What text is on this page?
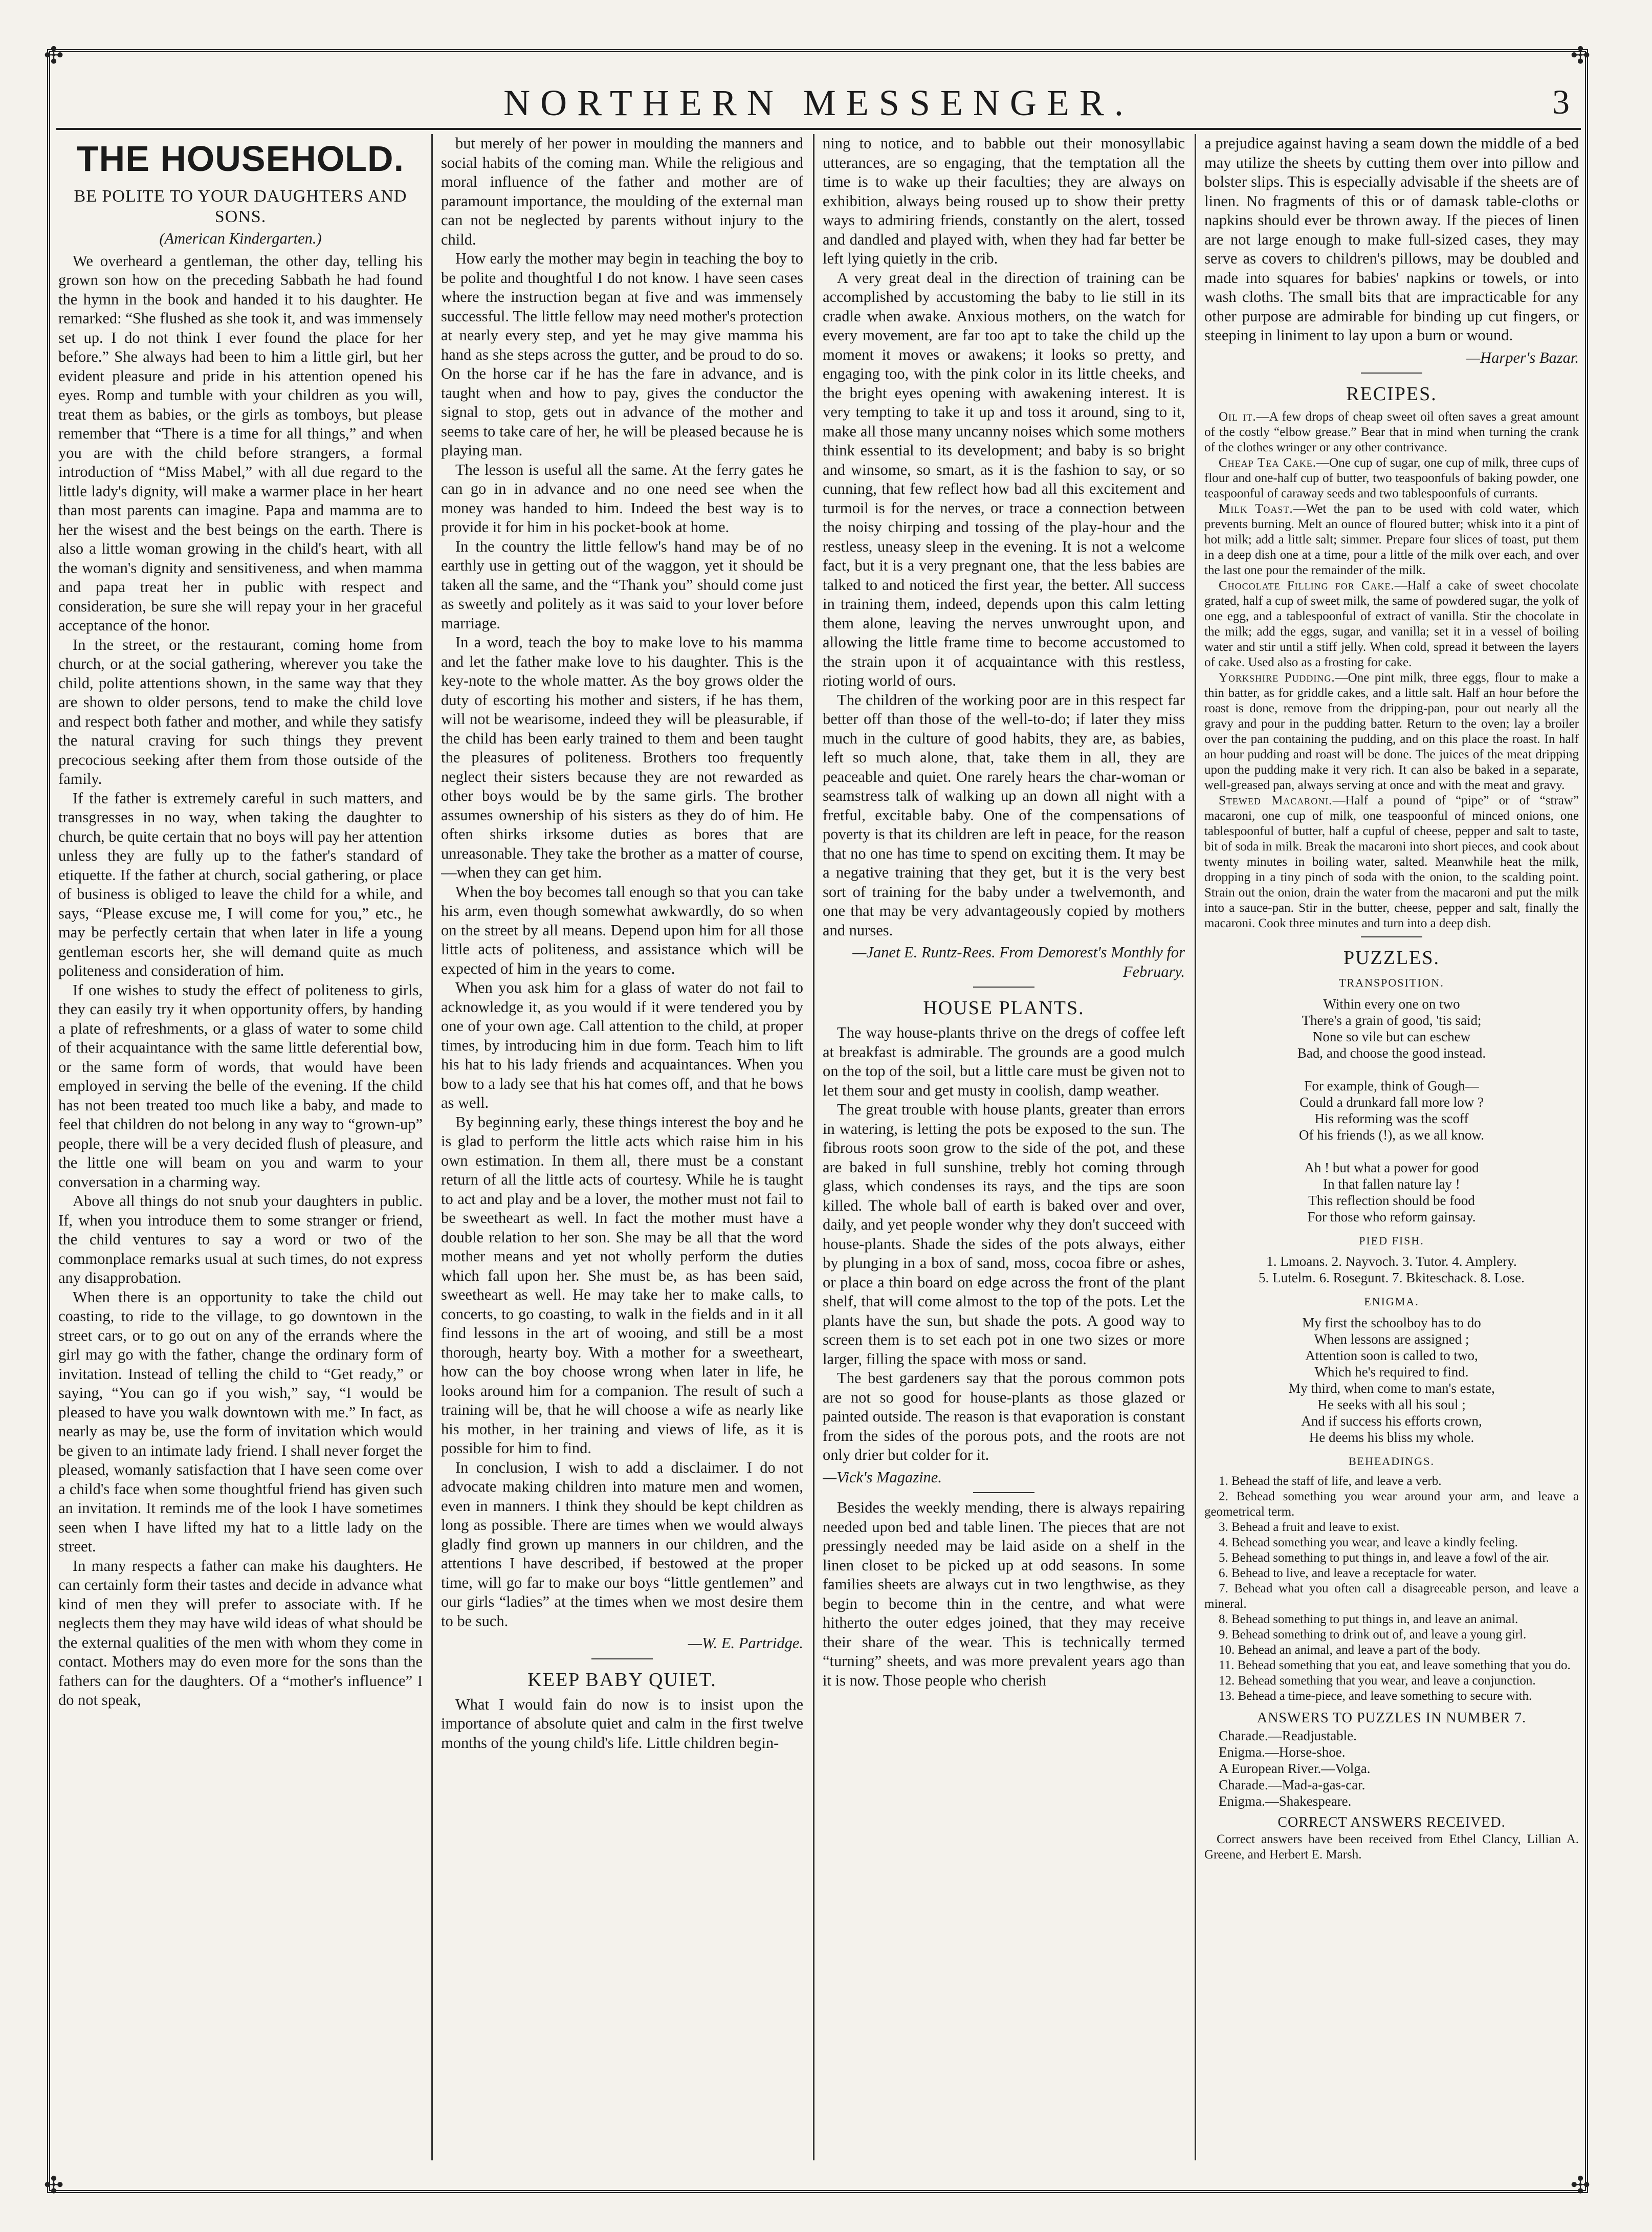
✣	✣
✣	✣
NORTHERN MESSENGER.	3
THE HOUSEHOLD.
BE POLITE TO YOUR DAUGHTERS AND SONS.
(American Kindergarten.)

We overheard a gentleman, the other day, telling his grown son how on the preceding Sabbath he had found the hymn in the book and handed it to his daughter. He remarked: “She flushed as she took it, and was immensely set up. I do not think I ever found the place for her before.” She always had been to him a little girl, but her evident pleasure and pride in his attention opened his eyes. Romp and tumble with your children as you will, treat them as babies, or the girls as tomboys, but please remember that “There is a time for all things,” and when you are with the child before strangers, a formal introduction of “Miss Mabel,” with all due regard to the little lady's dignity, will make a warmer place in her heart than most parents can imagine. Papa and mamma are to her the wisest and the best beings on the earth. There is also a little woman growing in the child's heart, with all the woman's dignity and sensitiveness, and when mamma and papa treat her in public with respect and consideration, be sure she will repay your in her graceful acceptance of the honor.

In the street, or the restaurant, coming home from church, or at the social gathering, wherever you take the child, polite attentions shown, in the same way that they are shown to older persons, tend to make the child love and respect both father and mother, and while they satisfy the natural craving for such things they prevent precocious seeking after them from those outside of the family.

If the father is extremely careful in such matters, and transgresses in no way, when taking the daughter to church, be quite certain that no boys will pay her attention unless they are fully up to the father's standard of etiquette. If the father at church, social gathering, or place of business is obliged to leave the child for a while, and says, “Please excuse me, I will come for you,” etc., he may be perfectly certain that when later in life a young gentleman escorts her, she will demand quite as much politeness and consideration of him.

If one wishes to study the effect of politeness to girls, they can easily try it when opportunity offers, by handing a plate of refreshments, or a glass of water to some child of their acquaintance with the same little deferential bow, or the same form of words, that would have been employed in serving the belle of the evening. If the child has not been treated too much like a baby, and made to feel that children do not belong in any way to “grown-up” people, there will be a very decided flush of pleasure, and the little one will beam on you and warm to your conversation in a charming way.

Above all things do not snub your daughters in public. If, when you introduce them to some stranger or friend, the child ventures to say a word or two of the commonplace remarks usual at such times, do not express any disapprobation.

When there is an opportunity to take the child out coasting, to ride to the village, to go downtown in the street cars, or to go out on any of the errands where the girl may go with the father, change the ordinary form of invitation. Instead of telling the child to “Get ready,” or saying, “You can go if you wish,” say, “I would be pleased to have you walk downtown with me.” In fact, as nearly as may be, use the form of invitation which would be given to an intimate lady friend. I shall never forget the pleased, womanly satisfaction that I have seen come over a child's face when some thoughtful friend has given such an invitation. It reminds me of the look I have sometimes seen when I have lifted my hat to a little lady on the street.

In many respects a father can make his daughters. He can certainly form their tastes and decide in advance what kind of men they will prefer to associate with. If he neglects them they may have wild ideas of what should be the external qualities of the men with whom they come in contact. Mothers may do even more for the sons than the fathers can for the daughters. Of a “mother's influence” I do not speak,

but merely of her power in moulding the manners and social habits of the coming man. While the religious and moral influence of the father and mother are of paramount importance, the moulding of the external man can not be neglected by parents without injury to the child.

How early the mother may begin in teaching the boy to be polite and thoughtful I do not know. I have seen cases where the instruction began at five and was immensely successful. The little fellow may need mother's protection at nearly every step, and yet he may give mamma his hand as she steps across the gutter, and be proud to do so. On the horse car if he has the fare in advance, and is taught when and how to pay, gives the conductor the signal to stop, gets out in advance of the mother and seems to take care of her, he will be pleased because he is playing man.

The lesson is useful all the same. At the ferry gates he can go in in advance and no one need see when the money was handed to him. Indeed the best way is to provide it for him in his pocket-book at home.

In the country the little fellow's hand may be of no earthly use in getting out of the waggon, yet it should be taken all the same, and the “Thank you” should come just as sweetly and politely as it was said to your lover before marriage.

In a word, teach the boy to make love to his mamma and let the father make love to his daughter. This is the key-note to the whole matter. As the boy grows older the duty of escorting his mother and sisters, if he has them, will not be wearisome, indeed they will be pleasurable, if the child has been early trained to them and been taught the pleasures of politeness. Brothers too frequently neglect their sisters because they are not rewarded as other boys would be by the same girls. The brother assumes ownership of his sisters as they do of him. He often shirks irksome duties as bores that are unreasonable. They take the brother as a matter of course, —when they can get him.

When the boy becomes tall enough so that you can take his arm, even though somewhat awkwardly, do so when on the street by all means. Depend upon him for all those little acts of politeness, and assistance which will be expected of him in the years to come.

When you ask him for a glass of water do not fail to acknowledge it, as you would if it were tendered you by one of your own age. Call attention to the child, at proper times, by introducing him in due form. Teach him to lift his hat to his lady friends and acquaintances. When you bow to a lady see that his hat comes off, and that he bows as well.

By beginning early, these things interest the boy and he is glad to perform the little acts which raise him in his own estimation. In them all, there must be a constant return of all the little acts of courtesy. While he is taught to act and play and be a lover, the mother must not fail to be sweetheart as well. In fact the mother must have a double relation to her son. She may be all that the word mother means and yet not wholly perform the duties which fall upon her. She must be, as has been said, sweetheart as well. He may take her to make calls, to concerts, to go coasting, to walk in the fields and in it all find lessons in the art of wooing, and still be a most thorough, hearty boy. With a mother for a sweetheart, how can the boy choose wrong when later in life, he looks around him for a companion. The result of such a training will be, that he will choose a wife as nearly like his mother, in her training and views of life, as it is possible for him to find.

In conclusion, I wish to add a disclaimer. I do not advocate making children into mature men and women, even in manners. I think they should be kept children as long as possible. There are times when we would always gladly find grown up manners in our children, and the attentions I have described, if bestowed at the proper time, will go far to make our boys “little gentlemen” and our girls “ladies” at the times when we most desire them to be such.

—W. E. Partridge.
KEEP BABY QUIET.

What I would fain do now is to insist upon the importance of absolute quiet and calm in the first twelve months of the young child's life. Little children begin-

ning to notice, and to babble out their monosyllabic utterances, are so engaging, that the temptation all the time is to wake up their faculties; they are always on exhibition, always being roused up to show their pretty ways to admiring friends, constantly on the alert, tossed and dandled and played with, when they had far better be left lying quietly in the crib.

A very great deal in the direction of training can be accomplished by accustoming the baby to lie still in its cradle when awake. Anxious mothers, on the watch for every movement, are far too apt to take the child up the moment it moves or awakens; it looks so pretty, and engaging too, with the pink color in its little cheeks, and the bright eyes opening with awakening interest. It is very tempting to take it up and toss it around, sing to it, make all those many uncanny noises which some mothers think essential to its development; and baby is so bright and winsome, so smart, as it is the fashion to say, or so cunning, that few reflect how bad all this excitement and turmoil is for the nerves, or trace a connection between the noisy chirping and tossing of the play-hour and the restless, uneasy sleep in the evening. It is not a welcome fact, but it is a very pregnant one, that the less babies are talked to and noticed the first year, the better. All success in training them, indeed, depends upon this calm letting them alone, leaving the nerves unwrought upon, and allowing the little frame time to become accustomed to the strain upon it of acquaintance with this restless, rioting world of ours.

The children of the working poor are in this respect far better off than those of the well-to-do; if later they miss much in the culture of good habits, they are, as babies, left so much alone, that, take them in all, they are peaceable and quiet. One rarely hears the char-woman or seamstress talk of walking up an down all night with a fretful, excitable baby. One of the compensations of poverty is that its children are left in peace, for the reason that no one has time to spend on exciting them. It may be a negative training that they get, but it is the very best sort of training for the baby under a twelvemonth, and one that may be very advantageously copied by mothers and nurses.

—Janet E. Runtz-Rees. From Demorest's Monthly for February.
HOUSE PLANTS.

The way house-plants thrive on the dregs of coffee left at breakfast is admirable. The grounds are a good mulch on the top of the soil, but a little care must be given not to let them sour and get musty in coolish, damp weather.

The great trouble with house plants, greater than errors in watering, is letting the pots be exposed to the sun. The fibrous roots soon grow to the side of the pot, and these are baked in full sunshine, trebly hot coming through glass, which condenses its rays, and the tips are soon killed. The whole ball of earth is baked over and over, daily, and yet people wonder why they don't succeed with house-plants. Shade the sides of the pots always, either by plunging in a box of sand, moss, cocoa fibre or ashes, or place a thin board on edge across the front of the plant shelf, that will come almost to the top of the pots. Let the plants have the sun, but shade the pots. A good way to screen them is to set each pot in one two sizes or more larger, filling the space with moss or sand.

The best gardeners say that the porous common pots are not so good for house-plants as those glazed or painted outside. The reason is that evaporation is constant from the sides of the porous pots, and the roots are not only drier but colder for it.

—Vick's Magazine.

Besides the weekly mending, there is always repairing needed upon bed and table linen. The pieces that are not pressingly needed may be laid aside on a shelf in the linen closet to be picked up at odd seasons. In some families sheets are always cut in two lengthwise, as they begin to become thin in the centre, and what were hitherto the outer edges joined, that they may receive their share of the wear. This is technically termed “turning” sheets, and was more prevalent years ago than it is now. Those people who cherish

a prejudice against having a seam down the middle of a bed may utilize the sheets by cutting them over into pillow and bolster slips. This is especially advisable if the sheets are of linen. No fragments of this or of damask table-cloths or napkins should ever be thrown away. If the pieces of linen are not large enough to make full-sized cases, they may serve as covers to children's pillows, may be doubled and made into squares for babies' napkins or towels, or into wash cloths. The small bits that are impracticable for any other purpose are admirable for binding up cut fingers, or steeping in liniment to lay upon a burn or wound.

—Harper's Bazar.
RECIPES.

Oil it.—A few drops of cheap sweet oil often saves a great amount of the costly “elbow grease.” Bear that in mind when turning the crank of the clothes wringer or any other contrivance.

Cheap Tea Cake.—One cup of sugar, one cup of milk, three cups of flour and one-half cup of butter, two teaspoonfuls of baking powder, one teaspoonful of caraway seeds and two tablespoonfuls of currants.

Milk Toast.—Wet the pan to be used with cold water, which prevents burning. Melt an ounce of floured butter; whisk into it a pint of hot milk; add a little salt; simmer. Prepare four slices of toast, put them in a deep dish one at a time, pour a little of the milk over each, and over the last one pour the remainder of the milk.

Chocolate Filling for Cake.—Half a cake of sweet chocolate grated, half a cup of sweet milk, the same of powdered sugar, the yolk of one egg, and a tablespoonful of extract of vanilla. Stir the chocolate in the milk; add the eggs, sugar, and vanilla; set it in a vessel of boiling water and stir until a stiff jelly. When cold, spread it between the layers of cake. Used also as a frosting for cake.

Yorkshire Pudding.—One pint milk, three eggs, flour to make a thin batter, as for griddle cakes, and a little salt. Half an hour before the roast is done, remove from the dripping-pan, pour out nearly all the gravy and pour in the pudding batter. Return to the oven; lay a broiler over the pan containing the pudding, and on this place the roast. In half an hour pudding and roast will be done. The juices of the meat dripping upon the pudding make it very rich. It can also be baked in a separate, well-greased pan, always serving at once and with the meat and gravy.

Stewed Macaroni.—Half a pound of “pipe” or of “straw” macaroni, one cup of milk, one teaspoonful of minced onions, one tablespoonful of butter, half a cupful of cheese, pepper and salt to taste, bit of soda in milk. Break the macaroni into short pieces, and cook about twenty minutes in boiling water, salted. Meanwhile heat the milk, dropping in a tiny pinch of soda with the onion, to the scalding point. Strain out the onion, drain the water from the macaroni and put the milk into a sauce-pan. Stir in the butter, cheese, pepper and salt, finally the macaroni. Cook three minutes and turn into a deep dish.

PUZZLES.
TRANSPOSITION.
Within every one on two
There's a grain of good, 'tis said;
None so vile but can eschew
Bad, and choose the good instead.

For example, think of Gough—
Could a drunkard fall more low ?
His reforming was the scoff
Of his friends (!), as we all know.

Ah ! but what a power for good
In that fallen nature lay !
This reflection should be food
For those who reform gainsay.
PIED FISH.
1. Lmoans. 2. Nayvoch. 3. Tutor. 4. Amplery.
5. Lutelm. 6. Rosegunt. 7. Bkiteschack. 8. Lose.
ENIGMA.
My first the schoolboy has to do
When lessons are assigned ;
Attention soon is called to two,
Which he's required to find.
My third, when come to man's estate,
He seeks with all his soul ;
And if success his efforts crown,
He deems his bliss my whole.
BEHEADINGS.

1. Behead the staff of life, and leave a verb.

2. Behead something you wear around your arm, and leave a geometrical term.

3. Behead a fruit and leave to exist.

4. Behead something you wear, and leave a kindly feeling.

5. Behead something to put things in, and leave a fowl of the air.

6. Behead to live, and leave a receptacle for water.

7. Behead what you often call a disagreeable person, and leave a mineral.

8. Behead something to put things in, and leave an animal.

9. Behead something to drink out of, and leave a young girl.

10. Behead an animal, and leave a part of the body.

11. Behead something that you eat, and leave something that you do.

12. Behead something that you wear, and leave a conjunction.

13. Behead a time-piece, and leave something to secure with.

ANSWERS TO PUZZLES IN NUMBER 7.

Charade.—Readjustable.

Enigma.—Horse-shoe.

A European River.—Volga.

Charade.—Mad-a-gas-car.

Enigma.—Shakespeare.

CORRECT ANSWERS RECEIVED.

Correct answers have been received from Ethel Clancy, Lillian A. Greene, and Herbert E. Marsh.
